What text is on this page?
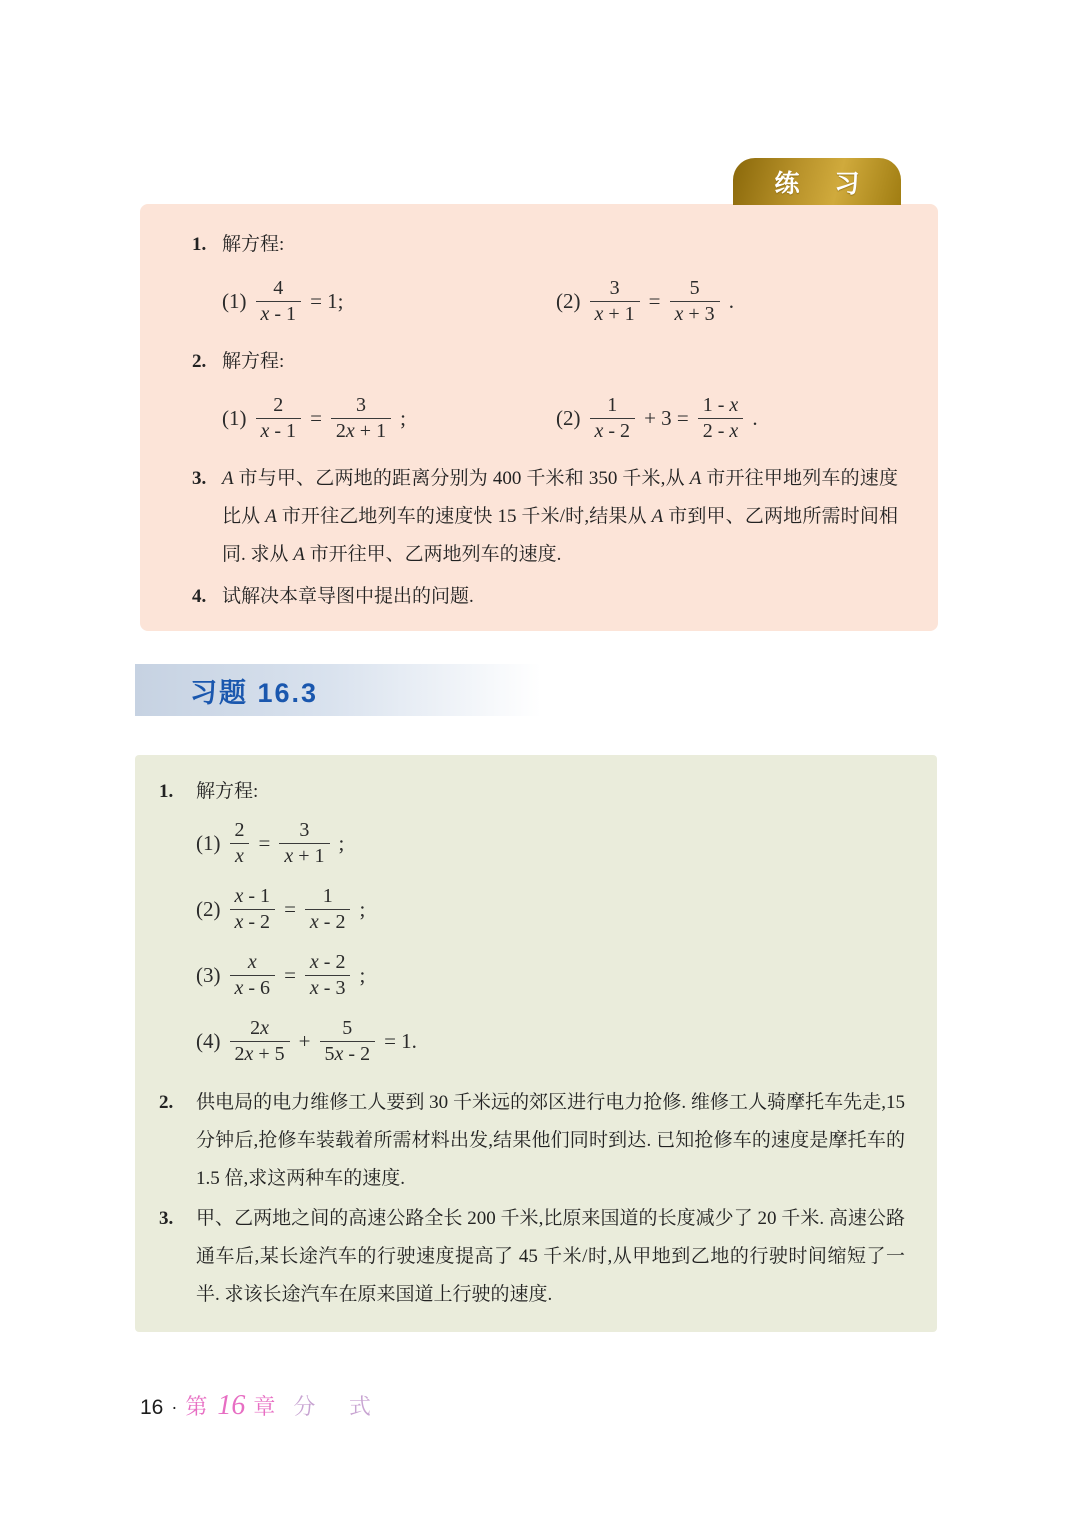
练 习
1. 解方程:
$(1) \frac{4}{x - 1} = 1$;	$(2) \frac{3}{x + 1} = \frac{5}{x + 3}$ .
2. 解方程:
$(1) \frac{2}{x - 1} = \frac{3}{2x + 1}$ ;	$(2) \frac{1}{x - 2} + 3 = \frac{1 - x}{2 - x}$ .
3. A 市与甲、乙两地的距离分别为 400 千米和 350 千米,从 A 市开往甲地列车的速度比从 A 市开往乙地列车的速度快 15 千米/时,结果从 A 市到甲、乙两地所需时间相同. 求从 A 市开往甲、乙两地列车的速度.

4. 试解决本章导图中提出的问题.
习题 16.3
1.	解方程:
$(1) \frac{2}{x} = \frac{3}{x + 1}$ ;
$(2) \frac{x - 1}{x - 2} = \frac{1}{x - 2}$ ;
$(3) \frac{x}{x - 6} = \frac{x - 2}{x - 3}$ ;
$(4) \frac{2x}{2x + 5} + \frac{5}{5x - 2} = 1$.
2.	供电局的电力维修工人要到 30 千米远的郊区进行电力抢修. 维修工人骑摩托车先走,15 分钟后,抢修车装载着所需材料出发,结果他们同时到达. 已知抢修车的速度是摩托车的 1.5 倍,求这两种车的速度.

3.	甲、乙两地之间的高速公路全长 200 千米,比原来国道的长度减少了 20 千米. 高速公路通车后,某长途汽车的行驶速度提高了 45 千米/时,从甲地到乙地的行驶时间缩短了一半. 求该长途汽车在原来国道上行驶的速度.

16 · 第 16 章 分 式
